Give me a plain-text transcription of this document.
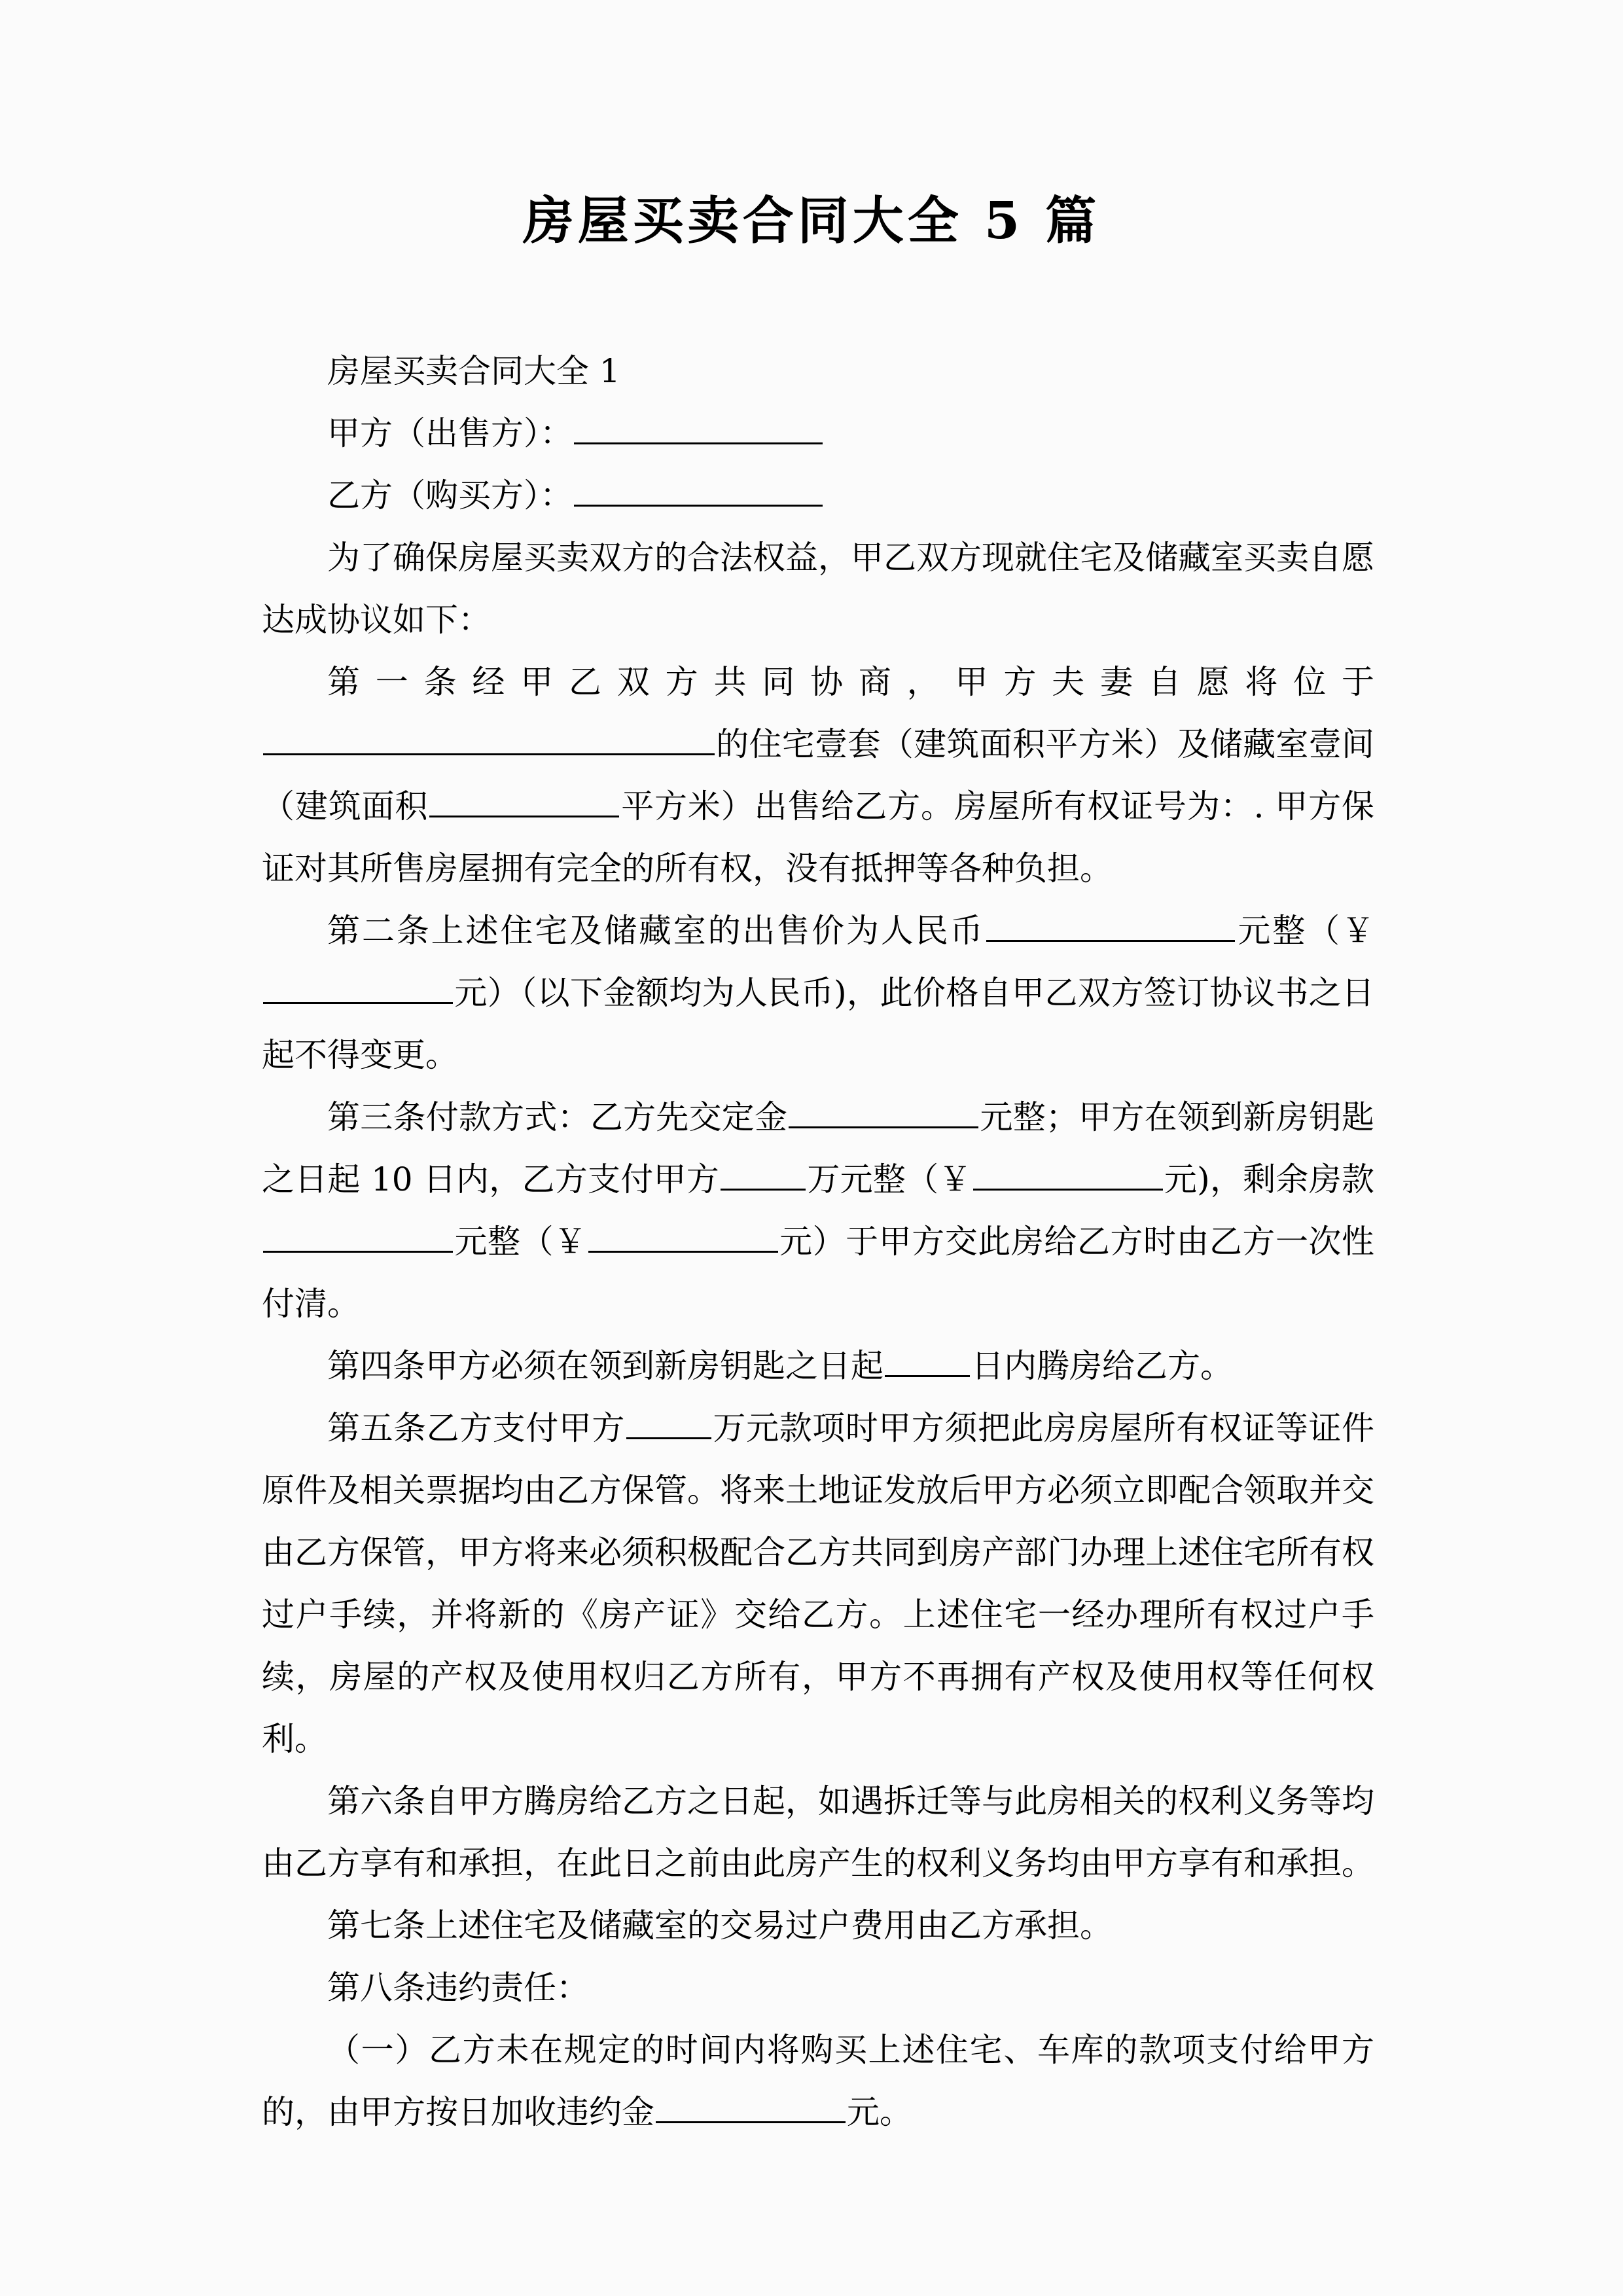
房屋买卖合同大全 5 篇

房屋买卖合同大全 1

甲方（出售方）：

乙方（购买方）：

为了确保房屋买卖双方的合法权益，甲乙双方现就住宅及储藏室买卖自愿达成协议如下：

第一条经甲乙双方共同协商，甲方夫妻自愿将位于的住宅壹套（建筑面积平方米）及储藏室壹间（建筑面积	平方米）出售给乙方。房屋所有权证号为：. 甲方保证对其所售房屋拥有完全的所有权，没有抵押等各种负担。

第二条上述住宅及储藏室的出售价为人民币	元整（￥元）（以下金额均为人民币)，此价格自甲乙双方签订协议书之日起不得变更。

第三条付款方式：乙方先交定金	元整；甲方在领到新房钥匙之日起 10 日内，乙方支付甲方	万元整（￥	元)，剩余房款元整（￥	元）于甲方交此房给乙方时由乙方一次性付清。

第四条甲方必须在领到新房钥匙之日起	日内腾房给乙方。

第五条乙方支付甲方	万元款项时甲方须把此房房屋所有权证等证件原件及相关票据均由乙方保管。将来土地证发放后甲方必须立即配合领取并交由乙方保管，甲方将来必须积极配合乙方共同到房产部门办理上述住宅所有权过户手续，并将新的《房产证》交给乙方。上述住宅一经办理所有权过户手续，房屋的产权及使用权归乙方所有，甲方不再拥有产权及使用权等任何权利。

第六条自甲方腾房给乙方之日起，如遇拆迁等与此房相关的权利义务等均由乙方享有和承担，在此日之前由此房产生的权利义务均由甲方享有和承担。

第七条上述住宅及储藏室的交易过户费用由乙方承担。

第八条违约责任：

（一）乙方未在规定的时间内将购买上述住宅、车库的款项支付给甲方的，由甲方按日加收违约金	元。
